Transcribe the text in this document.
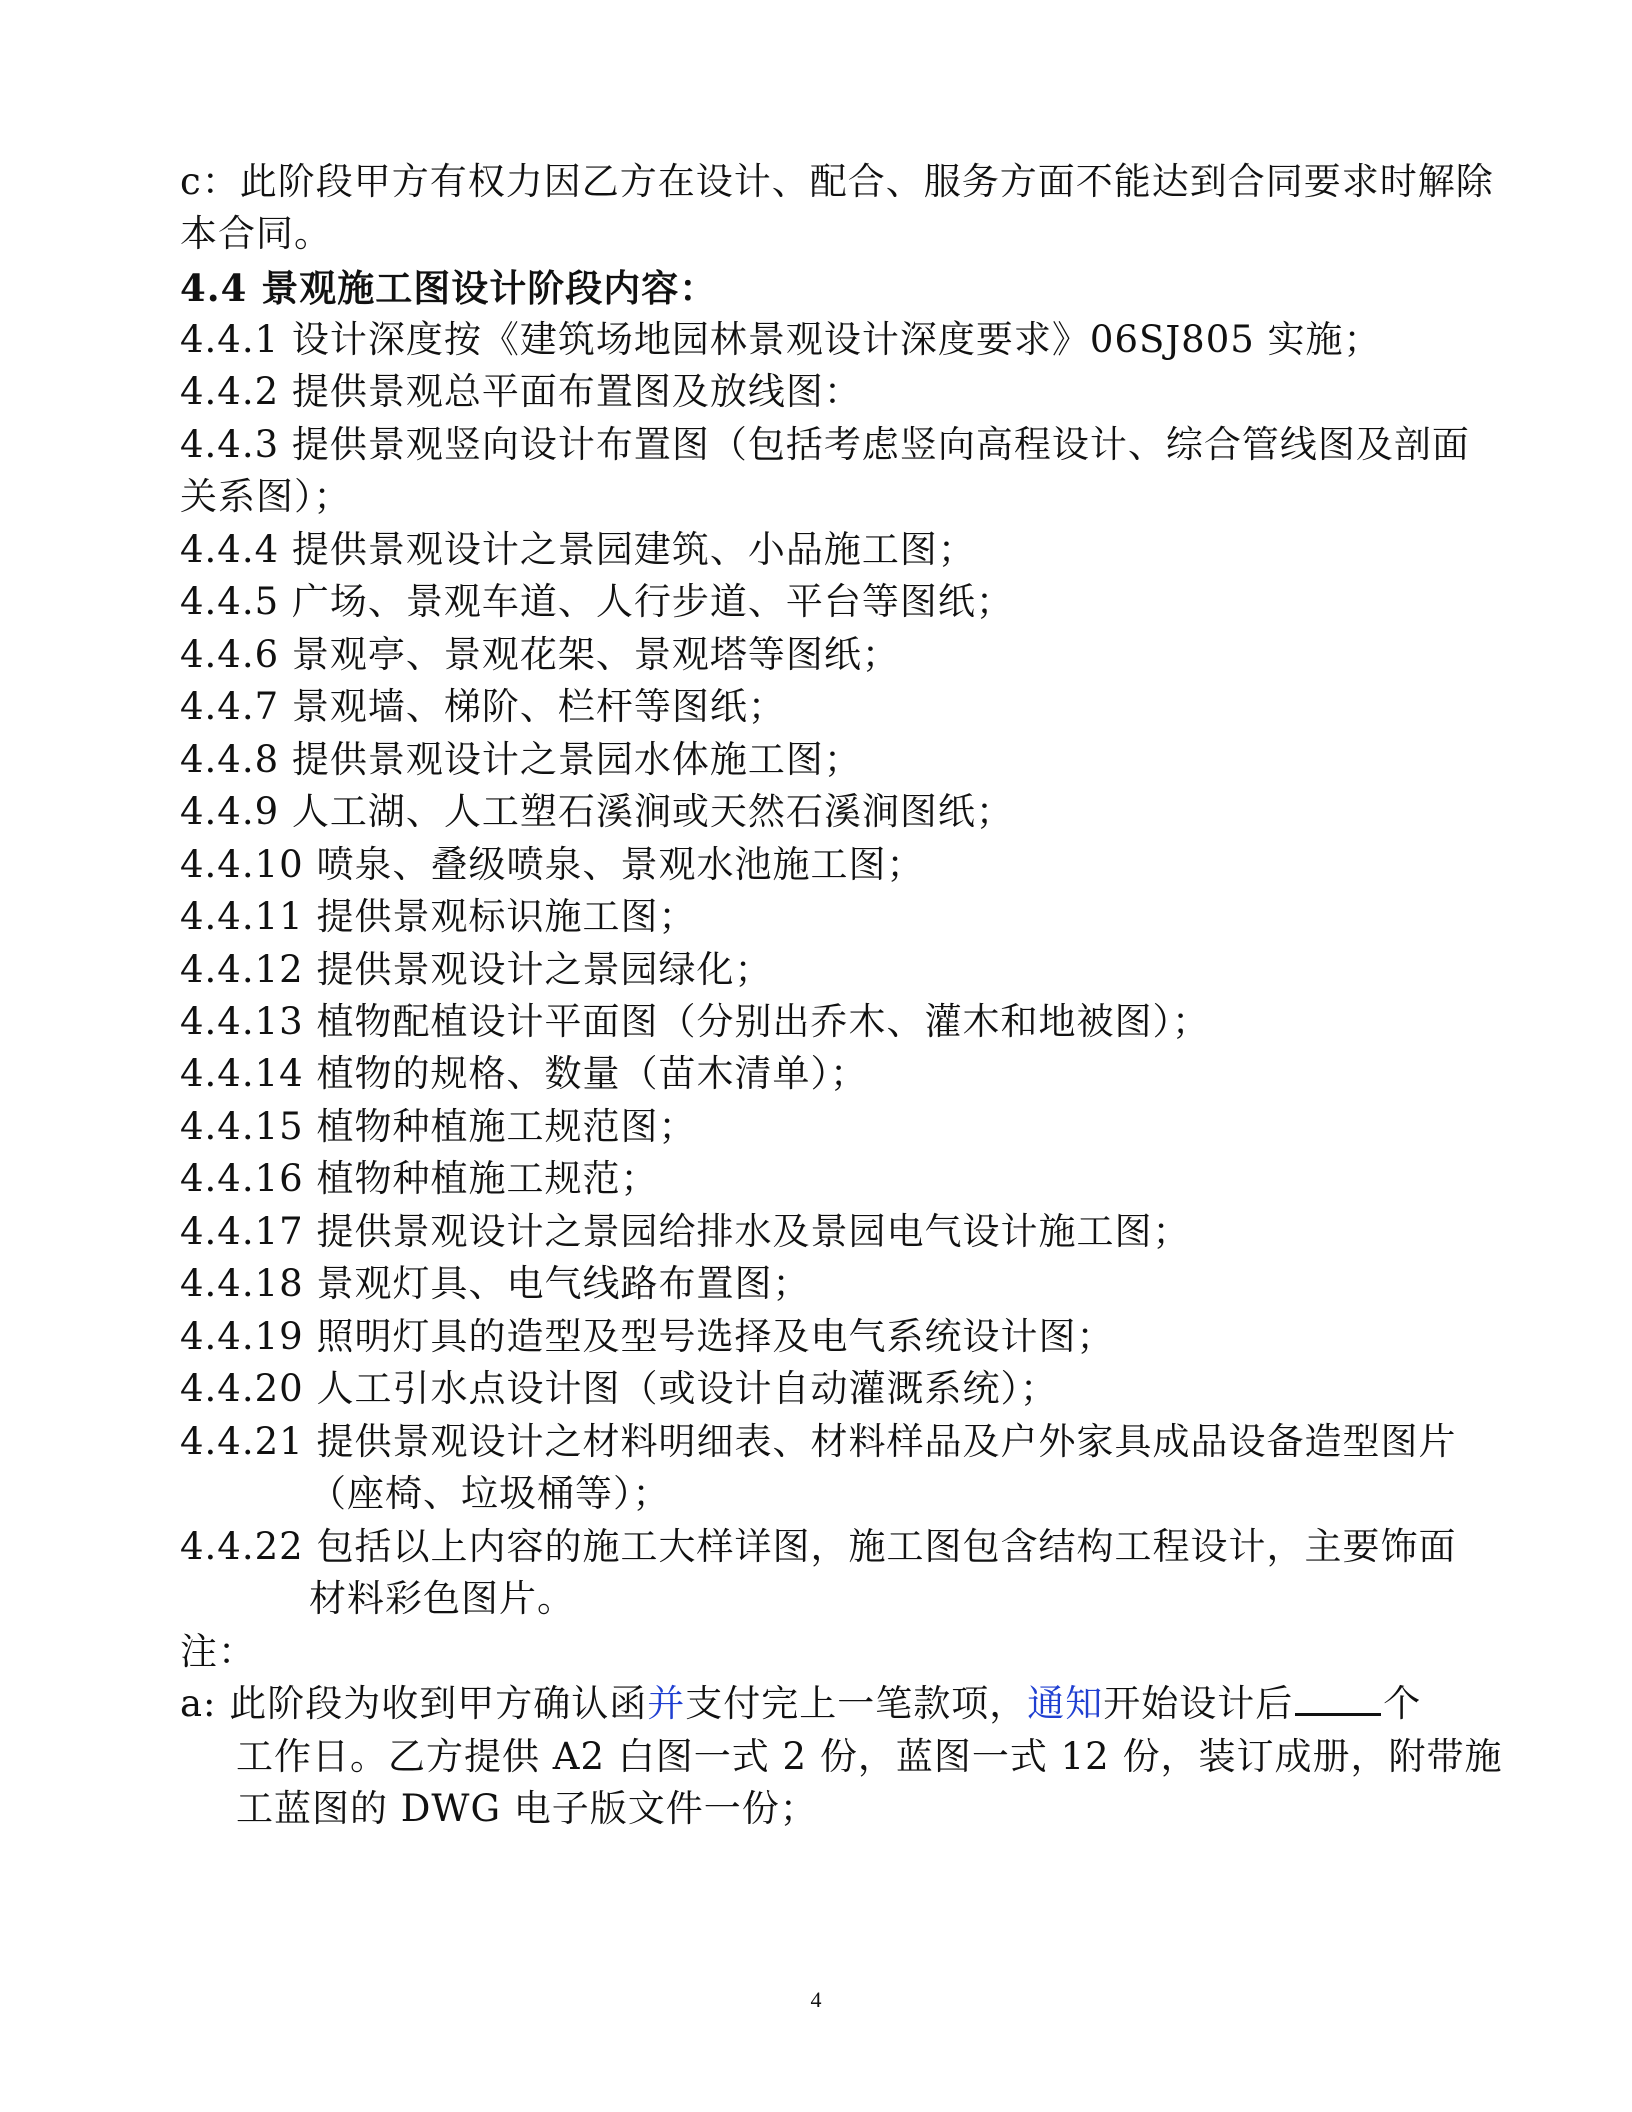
c：此阶段甲方有权力因乙方在设计、配合、服务方面不能达到合同要求时解除
本合同。
4.4 景观施工图设计阶段内容：
4.4.1 设计深度按《建筑场地园林景观设计深度要求》06SJ805 实施；
4.4.2 提供景观总平面布置图及放线图：
4.4.3 提供景观竖向设计布置图（包括考虑竖向高程设计、综合管线图及剖面
关系图）；
4.4.4 提供景观设计之景园建筑、小品施工图；
4.4.5 广场、景观车道、人行步道、平台等图纸；
4.4.6 景观亭、景观花架、景观塔等图纸；
4.4.7 景观墙、梯阶、栏杆等图纸；
4.4.8 提供景观设计之景园水体施工图；
4.4.9 人工湖、人工塑石溪涧或天然石溪涧图纸；
4.4.10 喷泉、叠级喷泉、景观水池施工图；
4.4.11 提供景观标识施工图；
4.4.12 提供景观设计之景园绿化；
4.4.13 植物配植设计平面图（分别出乔木、灌木和地被图）；
4.4.14 植物的规格、数量（苗木清单）；
4.4.15 植物种植施工规范图；
4.4.16 植物种植施工规范；
4.4.17 提供景观设计之景园给排水及景园电气设计施工图；
4.4.18 景观灯具、电气线路布置图；
4.4.19 照明灯具的造型及型号选择及电气系统设计图；
4.4.20 人工引水点设计图（或设计自动灌溉系统）；
4.4.21 提供景观设计之材料明细表、材料样品及户外家具成品设备造型图片
（座椅、垃圾桶等）；
4.4.22 包括以上内容的施工大样详图，施工图包含结构工程设计，主要饰面
材料彩色图片。
注：
a: 此阶段为收到甲方确认函并支付完上一笔款项，通知开始设计后 个
工作日。乙方提供 A2 白图一式 2 份，蓝图一式 12 份，装订成册，附带施
工蓝图的 DWG 电子版文件一份；
4
